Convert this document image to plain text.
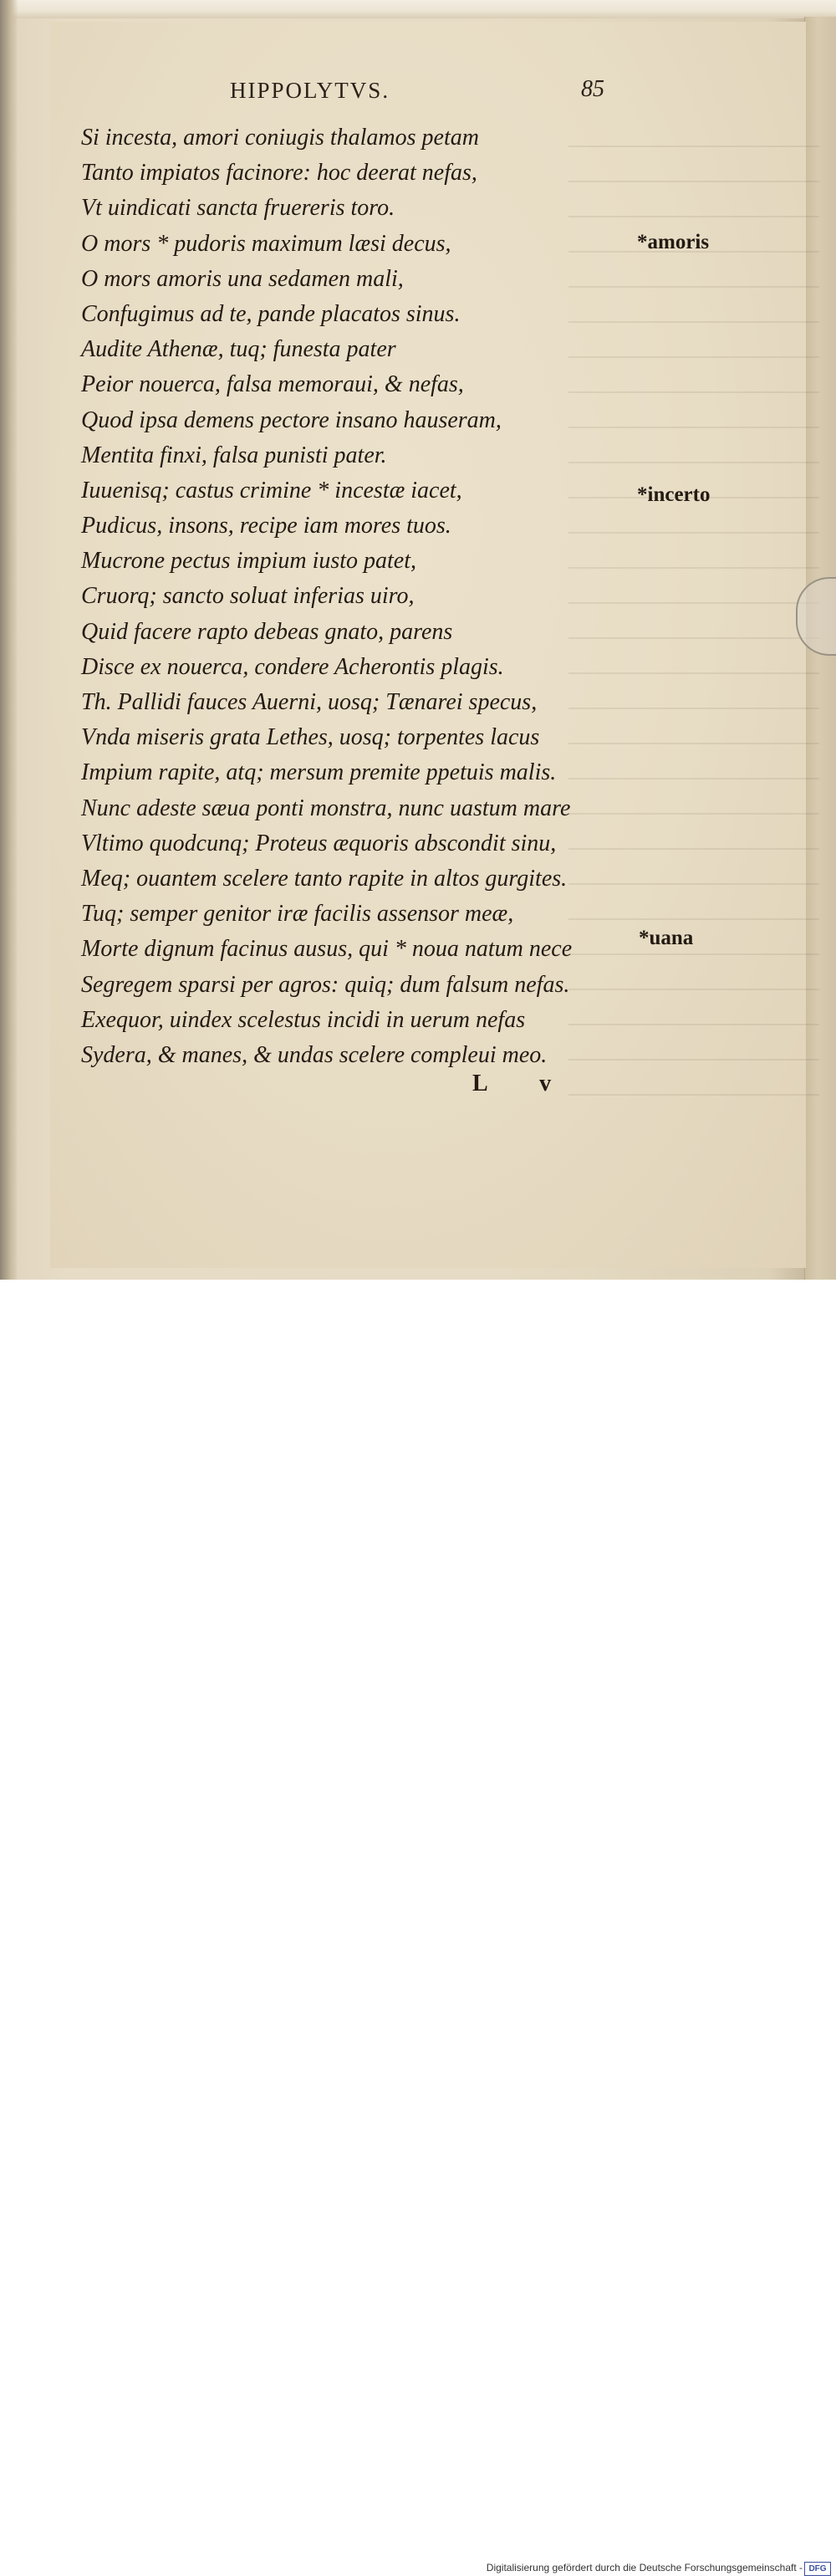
HIPPOLYTVS.	85
Si incesta, amori coniugis thalamos petam
Tanto impiatos facinore: hoc deerat nefas,
Vt uindicati sancta fruereris toro.
O mors * pudoris maximum læsi decus,
O mors amoris una sedamen mali,
Confugimus ad te, pande placatos sinus.
Audite Athenæ, tuq; funesta pater
Peior nouerca, falsa memoraui, & nefas,
Quod ipsa demens pectore insano hauseram,
Mentita finxi, falsa punisti pater.
Iuuenisq; castus crimine * incestæ iacet,
Pudicus, insons, recipe iam mores tuos.
Mucrone pectus impium iusto patet,
Cruorq; sancto soluat inferias uiro,
Quid facere rapto debeas gnato, parens
Disce ex nouerca, condere Acherontis plagis.
Th. Pallidi fauces Auerni, uosq; Tænarei specus,
Vnda miseris grata Lethes, uosq; torpentes lacus
Impium rapite, atq; mersum premite ppetuis malis.
Nunc adeste sæua ponti monstra, nunc uastum mare
Vltimo quodcunq; Proteus æquoris abscondit sinu,
Meq; ouantem scelere tanto rapite in altos gurgites.
Tuq; semper genitor iræ facilis assensor meæ,
Morte dignum facinus ausus, qui * noua natum nece
Segregem sparsi per agros: quiq; dum falsum nefas.
Exequor, uindex scelestus incidi in uerum nefas
Sydera, & manes, & undas scelere compleui meo.
*amoris
*incerto
*uana
L v
Digitalisierung gefördert durch die Deutsche Forschungsgemeinschaft - DFG
